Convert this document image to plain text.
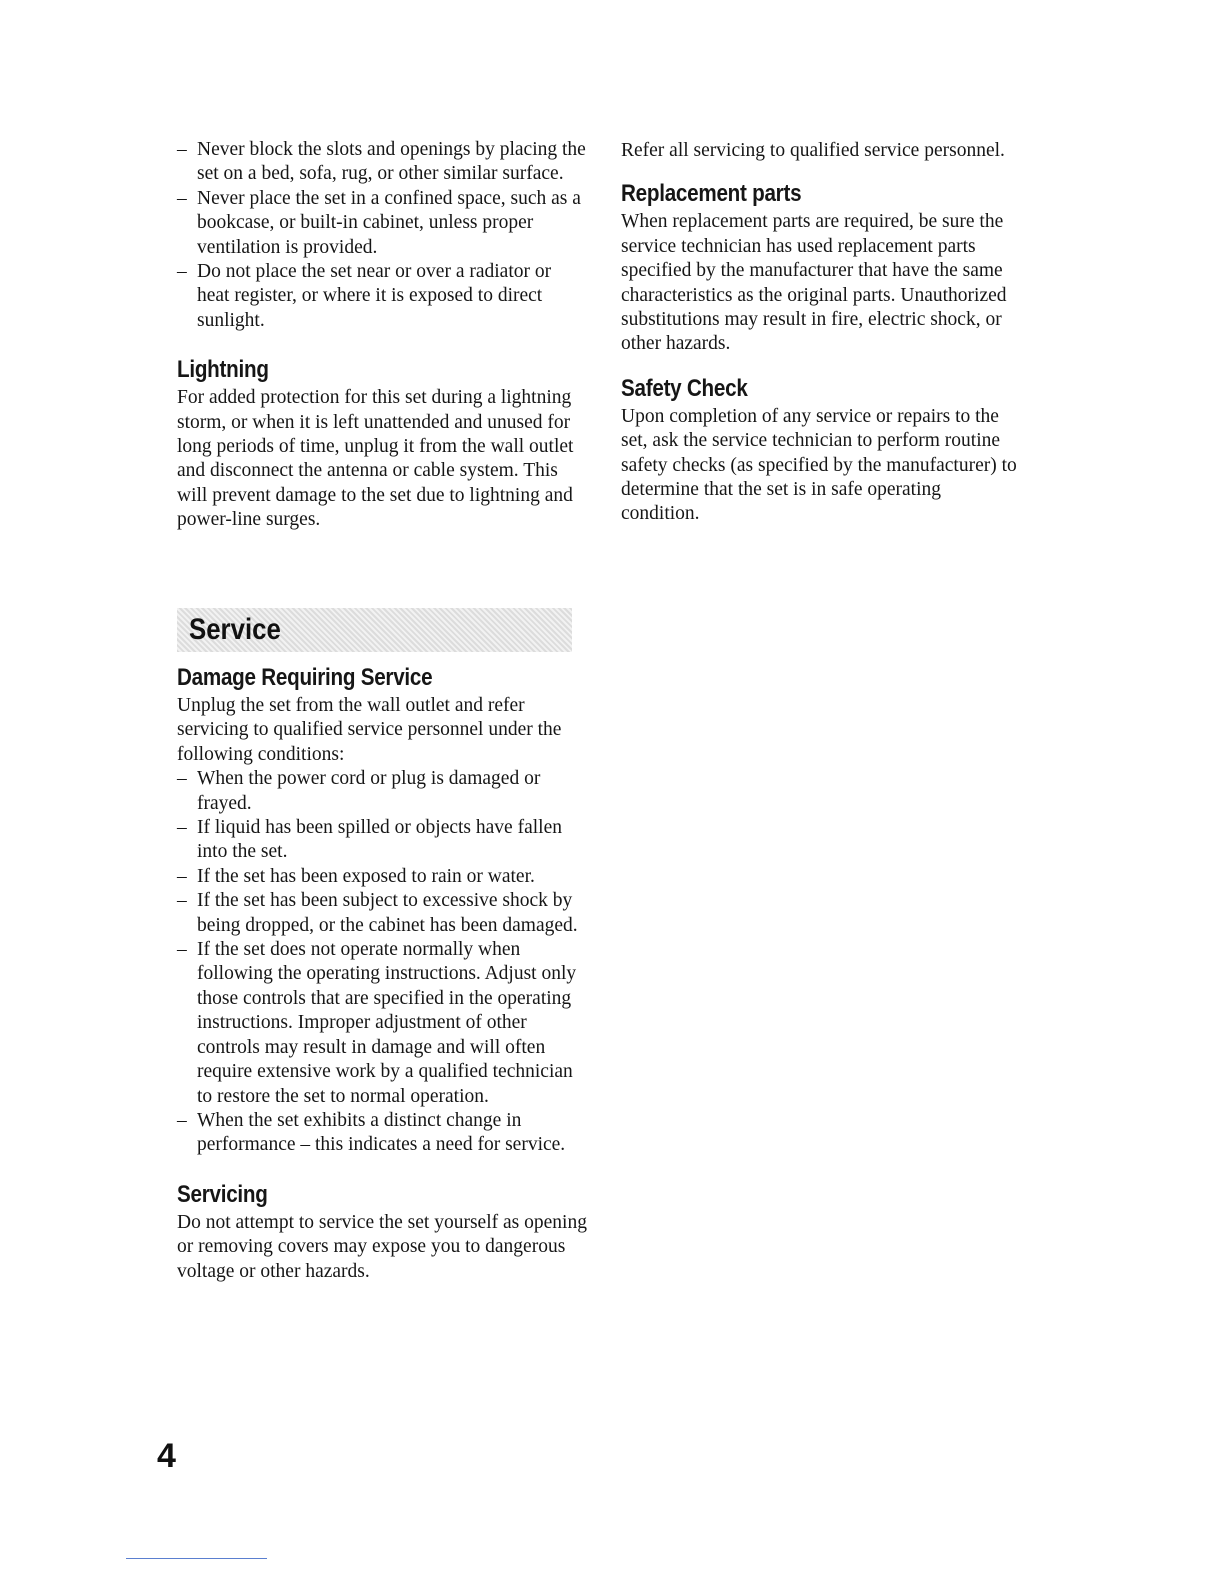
– Never block the slots and openings by placing the set on a bed, sofa, rug, or other similar surface.
– Never place the set in a confined space, such as a bookcase, or built-in cabinet, unless proper ventilation is provided.
– Do not place the set near or over a radiator or heat register, or where it is exposed to direct sunlight.
Lightning

For added protection for this set during a lightning storm, or when it is left unattended and unused for long periods of time, unplug it from the wall outlet and disconnect the antenna or cable system. This will prevent damage to the set due to lightning and power-line surges.

Service
Damage Requiring Service

Unplug the set from the wall outlet and refer servicing to qualified service personnel under the following conditions:

– When the power cord or plug is damaged or frayed.
– If liquid has been spilled or objects have fallen into the set.
– If the set has been exposed to rain or water.
– If the set has been subject to excessive shock by being dropped, or the cabinet has been damaged.
– If the set does not operate normally when following the operating instructions. Adjust only those controls that are specified in the operating instructions. Improper adjustment of other controls may result in damage and will often require extensive work by a qualified technician to restore the set to normal operation.
– When the set exhibits a distinct change in performance – this indicates a need for service.
Servicing

Do not attempt to service the set yourself as opening or removing covers may expose you to dangerous voltage or other hazards.

Refer all servicing to qualified service personnel.

Replacement parts

When replacement parts are required, be sure the service technician has used replacement parts specified by the manufacturer that have the same characteristics as the original parts. Unauthorized substitutions may result in fire, electric shock, or other hazards.

Safety Check

Upon completion of any service or repairs to the set, ask the service technician to perform routine safety checks (as specified by the manufacturer) to determine that the set is in safe operating condition.

4
